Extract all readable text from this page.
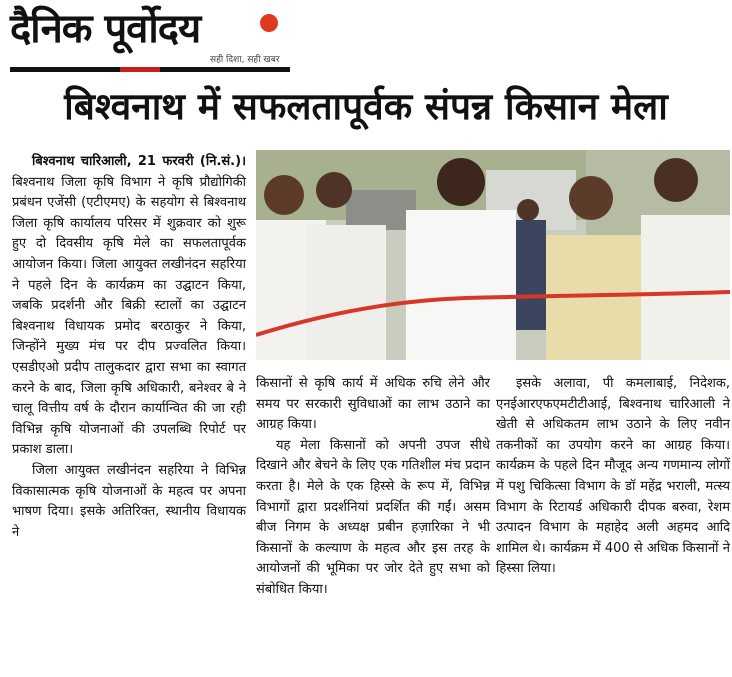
दैनिक पूर्वोदय
सही दिशा, सही खबर
बिश्वनाथ में सफलतापूर्वक संपन्न किसान मेला

बिश्वनाथ चारिआली, 21 फरवरी (नि.सं.)। बिश्वनाथ जिला कृषि विभाग ने कृषि प्रौद्योगिकी प्रबंधन एजेंसी (एटीएमए) के सहयोग से बिश्वनाथ जिला कृषि कार्यालय परिसर में शुक्रवार को शुरू हुए दो दिवसीय कृषि मेले का सफलतापूर्वक आयोजन किया। जिला आयुक्त लखीनंदन सहरिया ने पहले दिन के कार्यक्रम का उद्घाटन किया, जबकि प्रदर्शनी और बिक्री स्टालों का उद्घाटन बिश्वनाथ विधायक प्रमोद बरठाकुर ने किया, जिन्होंने मुख्य मंच पर दीप प्रज्वलित किया। एसडीएओ प्रदीप तालुकदार द्वारा सभा का स्वागत करने के बाद, जिला कृषि अधिकारी, बनेश्वर बे ने चालू वित्तीय वर्ष के दौरान कार्यान्वित की जा रही विभिन्न कृषि योजनाओं की उपलब्धि रिपोर्ट पर प्रकाश डाला।

जिला आयुक्त लखीनंदन सहरिया ने विभिन्न विकासात्मक कृषि योजनाओं के महत्व पर अपना भाषण दिया। इसके अतिरिक्त, स्थानीय विधायक ने

किसानों से कृषि कार्य में अधिक रुचि लेने और समय पर सरकारी सुविधाओं का लाभ उठाने का आग्रह किया।

यह मेला किसानों को अपनी उपज सीधे दिखाने और बेचने के लिए एक गतिशील मंच प्रदान करता है। मेले के एक हिस्से के रूप में, विभिन्न विभागों द्वारा प्रदर्शनियां प्रदर्शित की गईं। असम बीज निगम के अध्यक्ष प्रबीन हज़ारिका ने भी किसानों के कल्याण के महत्व और इस तरह के आयोजनों की भूमिका पर जोर देते हुए सभा को संबोधित किया।

इसके अलावा, पी कमलाबाई, निदेशक, एनईआरएफएमटीटीआई, बिश्वनाथ चारिआली ने खेती से अधिकतम लाभ उठाने के लिए नवीन तकनीकों का उपयोग करने का आग्रह किया। कार्यक्रम के पहले दिन मौजूद अन्य गणमान्य लोगों में पशु चिकित्सा विभाग के डॉ महेंद्र भराली, मत्स्य विभाग के रिटायर्ड अधिकारी दीपक बरुवा, रेशम उत्पादन विभाग के महाहेद अली अहमद आदि शामिल थे। कार्यक्रम में 400 से अधिक किसानों ने हिस्सा लिया।
